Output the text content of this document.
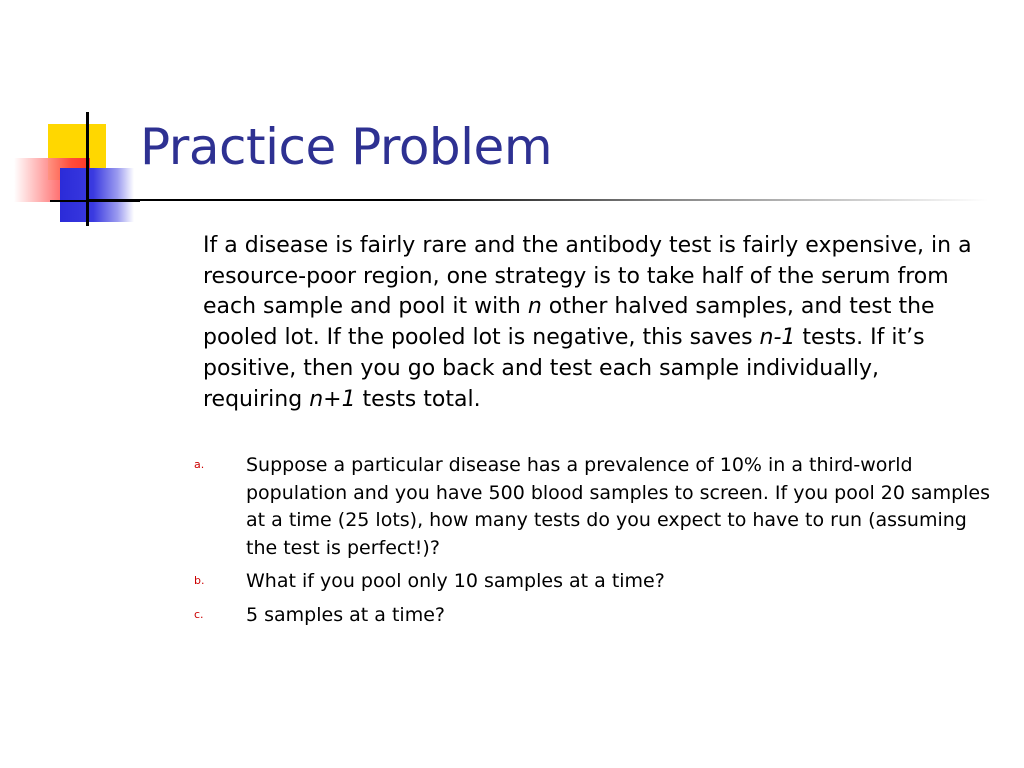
Practice Problem
If a disease is fairly rare and the antibody test is fairly expensive, in a resource-poor region, one strategy is to take half of the serum from each sample and pool it with n other halved samples, and test the pooled lot. If the pooled lot is negative, this saves n-1 tests. If it’s positive, then you go back and test each sample individually, requiring n+1 tests total.
a. Suppose a particular disease has a prevalence of 10% in a third-world population and you have 500 blood samples to screen. If you pool 20 samples at a time (25 lots), how many tests do you expect to have to run (assuming the test is perfect!)?
b. What if you pool only 10 samples at a time?
c. 5 samples at a time?
